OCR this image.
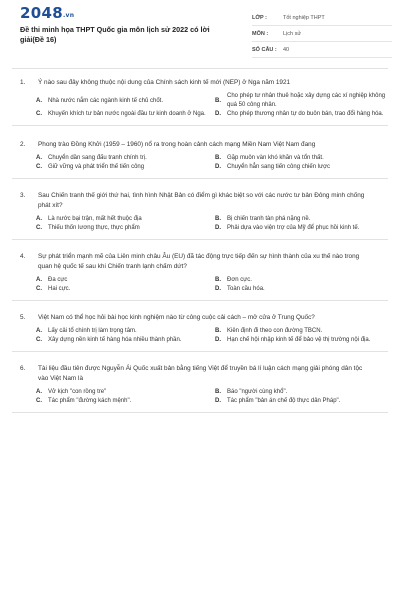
2048.vn
Đề thi minh họa THPT Quốc gia môn lịch sử 2022 có lời giải(Đề 16)
LỚP :	Tốt nghiệp THPT
MÔN :	Lịch sử
SỐ CÂU :	40
1.	Ý nào sau đây không thuộc nội dung của Chính sách kinh tế mới (NEP) ở Nga năm 1921
A.	Nhà nước nắm các ngành kinh tế chủ chốt.	B.
Cho phép tư nhân thuê hoặc xây dựng các xí nghiệp không quá 50 công nhân.
C.	Khuyến khích tư bản nước ngoài đầu tư kinh doanh ở Nga.	D.	Cho phép thương nhân tự do buôn bán, trao đổi hàng hóa.
2.	Phong trào Đồng Khởi (1959 – 1960) nổ ra trong hoàn cảnh cách mạng Miền Nam Việt Nam đang
A.	Chuyển dần sang đấu tranh chính trị.	B.	Gặp muôn vàn khó khăn và tổn thất.
C.	Giữ vững và phát triển thế tiến công	D.	Chuyển hẳn sang tiến công chiến lược
3.	Sau Chiến tranh thế giới thứ hai, tình hình Nhật Bản có điểm gì khác biệt so với các nước tư bản Đông minh chống phát xít?
A.	Là nước bại trận, mất hết thuộc địa	B.	Bị chiến tranh tàn phá nặng nề.
C.	Thiếu thốn lương thực, thực phẩm	D.	Phải dựa vào viện trợ của Mỹ để phục hồi kinh tế.
4.	Sự phát triển mạnh mẽ của Liên minh châu Âu (EU) đã tác động trực tiếp đến sự hình thành của xu thế nào trong quan hệ quốc tế sau khi Chiến tranh lạnh chấm dứt?
A.	Đa cực	B.	Đơn cực.
C.	Hai cực.	D.	Toàn cầu hóa.
5.	Việt Nam có thể học hỏi bài học kinh nghiệm nào từ công cuộc cải cách – mở cửa ở Trung Quốc?
A.	Lấy cải tổ chính trị làm trọng tâm.	B.	Kiên định đi theo con đường TBCN.
C.	Xây dựng nền kinh tế hàng hóa nhiều thành phần.	D.	Hạn chế hội nhập kinh tế để bảo vệ thị trường nội địa.
6.	Tài liệu đầu tiên được Nguyễn Ái Quốc xuất bản bằng tiếng Việt để truyền bá lí luận cách mạng giải phóng dân tộc vào Việt Nam là
A.	Vở kịch "con rồng tre"	B.	Báo "người cùng khổ".
C.	Tác phẩm "đường kách mệnh".	D.	Tác phẩm "bản án chế độ thực dân Pháp".
